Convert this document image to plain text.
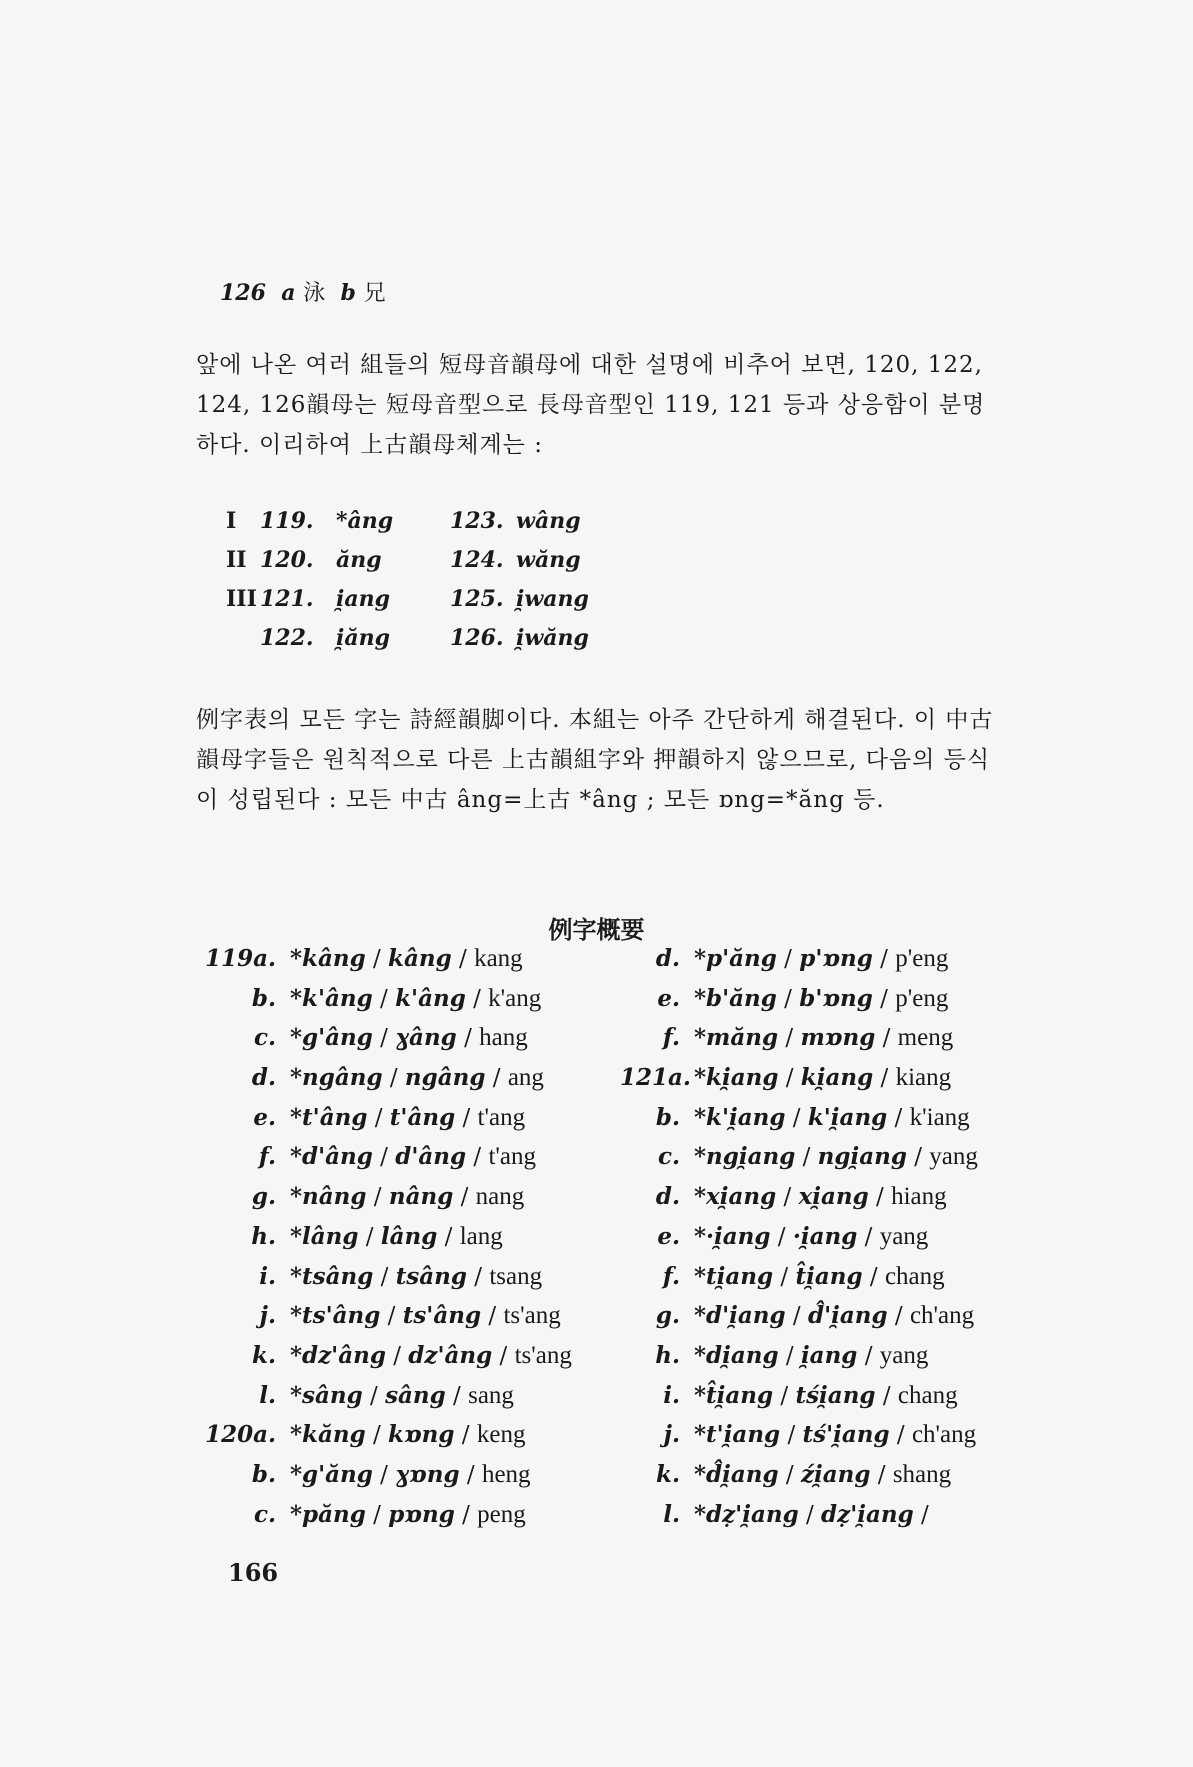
126 a 泳 b 兄
앞에 나온 여러 組들의 短母音韻母에 대한 설명에 비추어 보면, 120, 122, 124, 126韻母는 短母音型으로 長母音型인 119, 121 등과 상응함이 분명하다. 이리하여 上古韻母체계는 :
I 119. *âng	123. wâng
II 120. ăng	124. wăng
III 121. i̯ang	125. i̯wang
122. i̯ăng	126. i̯wăng
例字表의 모든 字는 詩經韻脚이다. 本組는 아주 간단하게 해결된다. 이 中古韻母字들은 원칙적으로 다른 上古韻組字와 押韻하지 않으므로, 다음의 등식이 성립된다 : 모든 中古 âng=上古 *âng ; 모든 ɒng=*ăng 등.
例字概要
119a. *kâng / kâng / kang
b. *k'âng / k'âng / k'ang
c. *g'âng / ɣâng / hang
d. *ngâng / ngâng / ang
e. *t'âng / t'âng / t'ang
f. *d'âng / d'âng / t'ang
g. *nâng / nâng / nang
h. *lâng / lâng / lang
i. *tsâng / tsâng / tsang
j. *ts'âng / ts'âng / ts'ang
k. *dz'âng / dz'âng / ts'ang
l. *sâng / sâng / sang
120a. *kăng / kɒng / keng
b. *g'ăng / ɣɒng / heng
c. *păng / pɒng / peng
d. *p'ăng / p'ɒng / p'eng
e. *b'ăng / b'ɒng / p'eng
f. *măng / mɒng / meng
121a. *ki̯ang / ki̯ang / kiang
b. *k'i̯ang / k'i̯ang / k'iang
c. *ngi̯ang / ngi̯ang / yang
d. *xi̯ang / xi̯ang / hiang
e. *·i̯ang / ·i̯ang / yang
f. *ti̯ang / t̂i̯ang / chang
g. *d'i̯ang / d̂'i̯ang / ch'ang
h. *di̯ang / i̯ang / yang
i. *t̂i̯ang / tśi̯ang / chang
j. *t'i̯ang / tś'i̯ang / ch'ang
k. *d̂i̯ang / źi̯ang / shang
l. *dẓ'i̯ang / dẓ'i̯ang /
166
